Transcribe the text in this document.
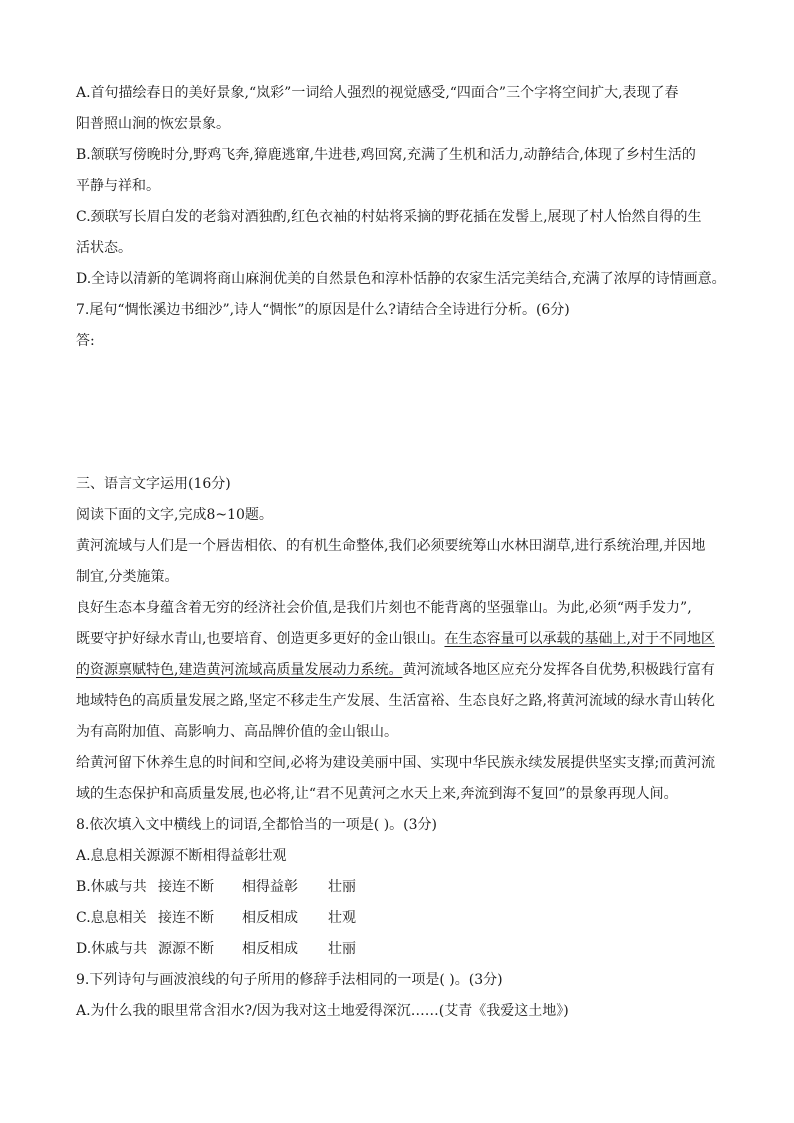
A.首句描绘春日的美好景象,“岚彩”一词给人强烈的视觉感受,“四面合”三个字将空间扩大,表现了春
阳普照山涧的恢宏景象。
B.颔联写傍晚时分,野鸡飞奔,獐鹿逃窜,牛进巷,鸡回窝,充满了生机和活力,动静结合,体现了乡村生活的
平静与祥和。
C.颈联写长眉白发的老翁对酒独酌,红色衣袖的村姑将采摘的野花插在发髻上,展现了村人怡然自得的生
活状态。
D.全诗以清新的笔调将商山麻涧优美的自然景色和淳朴恬静的农家生活完美结合,充满了浓厚的诗情画意。
7.尾句“惆怅溪边书细沙”,诗人“惆怅”的原因是什么?请结合全诗进行分析。(6分)
答:
三、语言文字运用(16分)
阅读下面的文字,完成8~10题。
黄河流域与人们是一个唇齿相依、的有机生命整体,我们必须要统筹山水林田湖草,进行系统治理,并因地
制宜,分类施策。
良好生态本身蕴含着无穷的经济社会价值,是我们片刻也不能背离的坚强靠山。为此,必须“两手发力”,
既要守护好绿水青山,也要培育、创造更多更好的金山银山。在生态容量可以承载的基础上,对于不同地区
的资源禀赋特色,建造黄河流域高质量发展动力系统。黄河流域各地区应充分发挥各自优势,积极践行富有
地域特色的高质量发展之路,坚定不移走生产发展、生活富裕、生态良好之路,将黄河流域的绿水青山转化
为有高附加值、高影响力、高品牌价值的金山银山。
给黄河留下休养生息的时间和空间,必将为建设美丽中国、实现中华民族永续发展提供坚实支撑;而黄河流
域的生态保护和高质量发展,也必将,让“君不见黄河之水天上来,奔流到海不复回”的景象再现人间。
8.依次填入文中横线上的词语,全都恰当的一项是( )。(3分)
A.息息相关源源不断相得益彰壮观
B.休戚与共 接连不断 相得益彰 壮丽
C.息息相关 接连不断 相反相成 壮观
D.休戚与共 源源不断 相反相成 壮丽
9.下列诗句与画波浪线的句子所用的修辞手法相同的一项是( )。(3分)
A.为什么我的眼里常含泪水?/因为我对这土地爱得深沉……(艾青《我爱这土地》)
